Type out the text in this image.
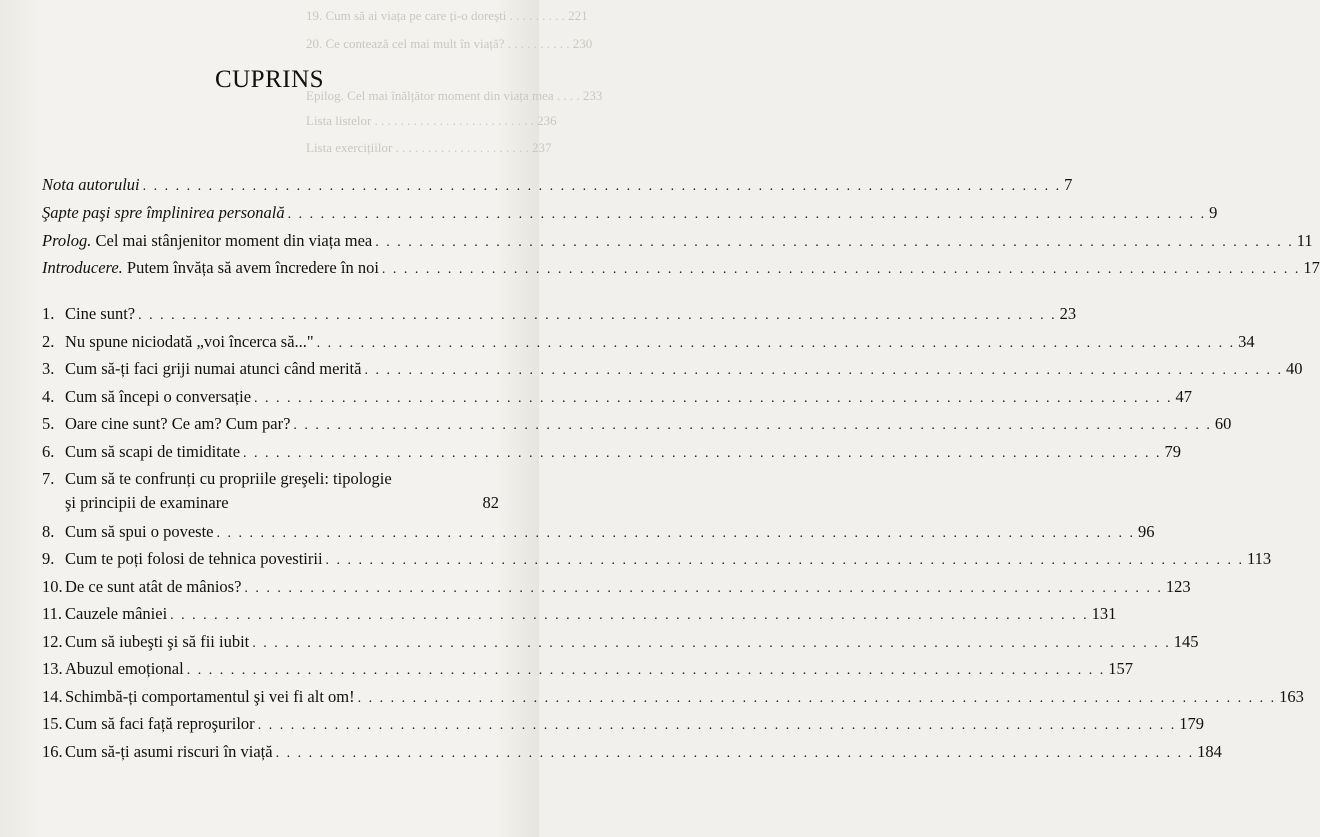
19. Cum să ai viața pe care ți-o dorești . . . . . . . . . 221
20. Ce contează cel mai mult în viață? . . . . . . . . . . 230
Epilog. Cel mai înălțător moment din viața mea . . . . 233
Lista listelor . . . . . . . . . . . . . . . . . . . . . . . . . 236
Lista exercițiilor . . . . . . . . . . . . . . . . . . . . . 237
CUPRINS
Nota autorului . . .	7
Şapte paşi spre împlinirea personală . . .	9
Prolog. Cel mai stânjenitor moment din viața mea . . .	11
Introducere. Putem învăța să avem încredere în noi . . .	17
1. Cine sunt? . . .	23
2. Nu spune niciodată „voi încerca să..." . . .	34
3. Cum să-ți faci griji numai atunci când merită . . .	40
4. Cum să începi o conversație . . .	47
5. Oare cine sunt? Ce am? Cum par? . . .	60
6. Cum să scapi de timiditate . . .	79
7. Cum să te confrunți cu propriile greşeli: tipologie
şi principii de examinare	82
8. Cum să spui o poveste . . .	96
9. Cum te poți folosi de tehnica povestirii . . .	113
10. De ce sunt atât de mânios? . . .	123
11. Cauzele mâniei . . .	131
12. Cum să iubeşti şi să fii iubit . . .	145
13. Abuzul emoțional . . .	157
14. Schimbă-ți comportamentul şi vei fi alt om! . . .	163
15. Cum să faci față reproşurilor . . .	179
16. Cum să-ți asumi riscuri în viață . . .	184
